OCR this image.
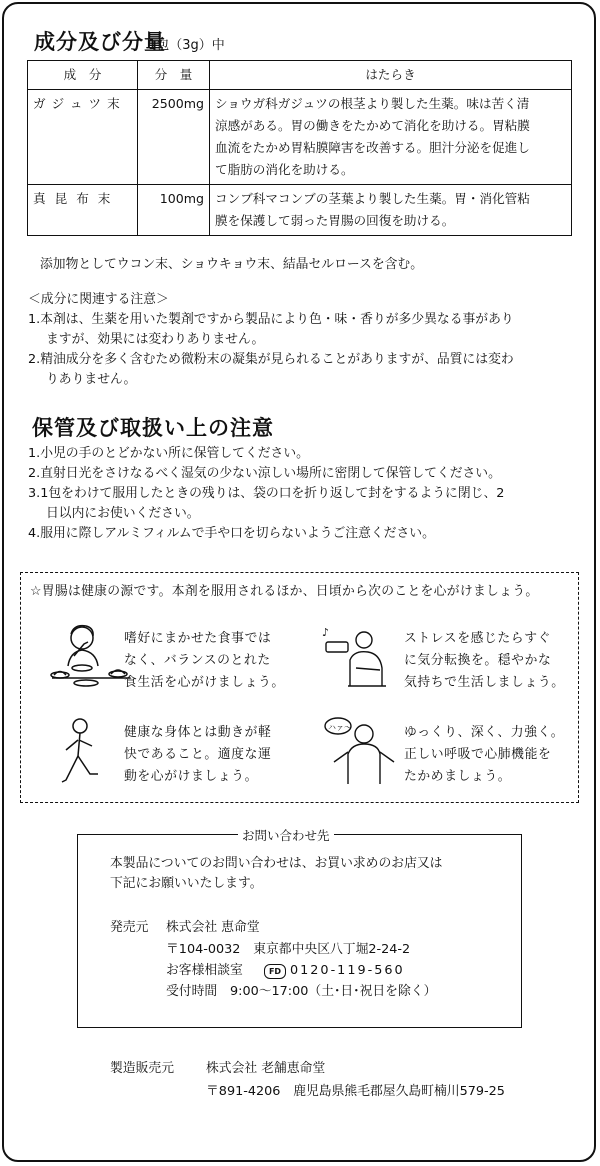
成分及び分量
1包（3g）中
成　分	分　量	はたらき
ガジュツ末	2500mg	ショウガ科ガジュツの根茎より製した生薬。味は苦く清
涼感がある。胃の働きをたかめて消化を助ける。胃粘膜
血流をたかめ胃粘膜障害を改善する。胆汁分泌を促進し
て脂肪の消化を助ける。

真昆布末	100mg	コンブ科マコンブの茎葉より製した生薬。胃・消化管粘
膜を保護して弱った胃腸の回復を助ける。
添加物としてウコン末、ショウキョウ末、結晶セルロースを含む。
＜成分に関連する注意＞
1.本剤は、生薬を用いた製剤ですから製品により色・味・香りが多少異なる事があり
ますが、効果には変わりありません。
2.精油成分を多く含むため微粉末の凝集が見られることがありますが、品質には変わ
りありません。
保管及び取扱い上の注意
1.小児の手のとどかない所に保管してください。
2.直射日光をさけなるべく湿気の少ない涼しい場所に密閉して保管してください。
3.1包をわけて服用したときの残りは、袋の口を折り返して封をするように閉じ、2
日以内にお使いください。
4.服用に際しアルミフィルムで手や口を切らないようご注意ください。
☆胃腸は健康の源です。本剤を服用されるほか、日頃から次のことを心がけましょう。
嗜好にまかせた食事では
なく、バランスのとれた
食生活を心がけましょう。
♪	ストレスを感じたらすぐ
に気分転換を。穏やかな
気持ちで生活しましょう。
健康な身体とは動きが軽
快であること。適度な運
動を心がけましょう。
ハァ〜	ゆっくり、深く、力強く。
正しい呼吸で心肺機能を
たかめましょう。
お問い合わせ先
本製品についてのお問い合わせは、お買い求めのお店又は
下記にお願いいたします。
発売元 株式会社 恵命堂
〒104-0032　東京都中央区八丁堀2-24-2
お客様相談室	FD 0120-119-560
受付時間　9:00〜17:00（土･日･祝日を除く）
製造販売元	株式会社 老舗恵命堂
〒891-4206　鹿児島県熊毛郡屋久島町楠川579-25
